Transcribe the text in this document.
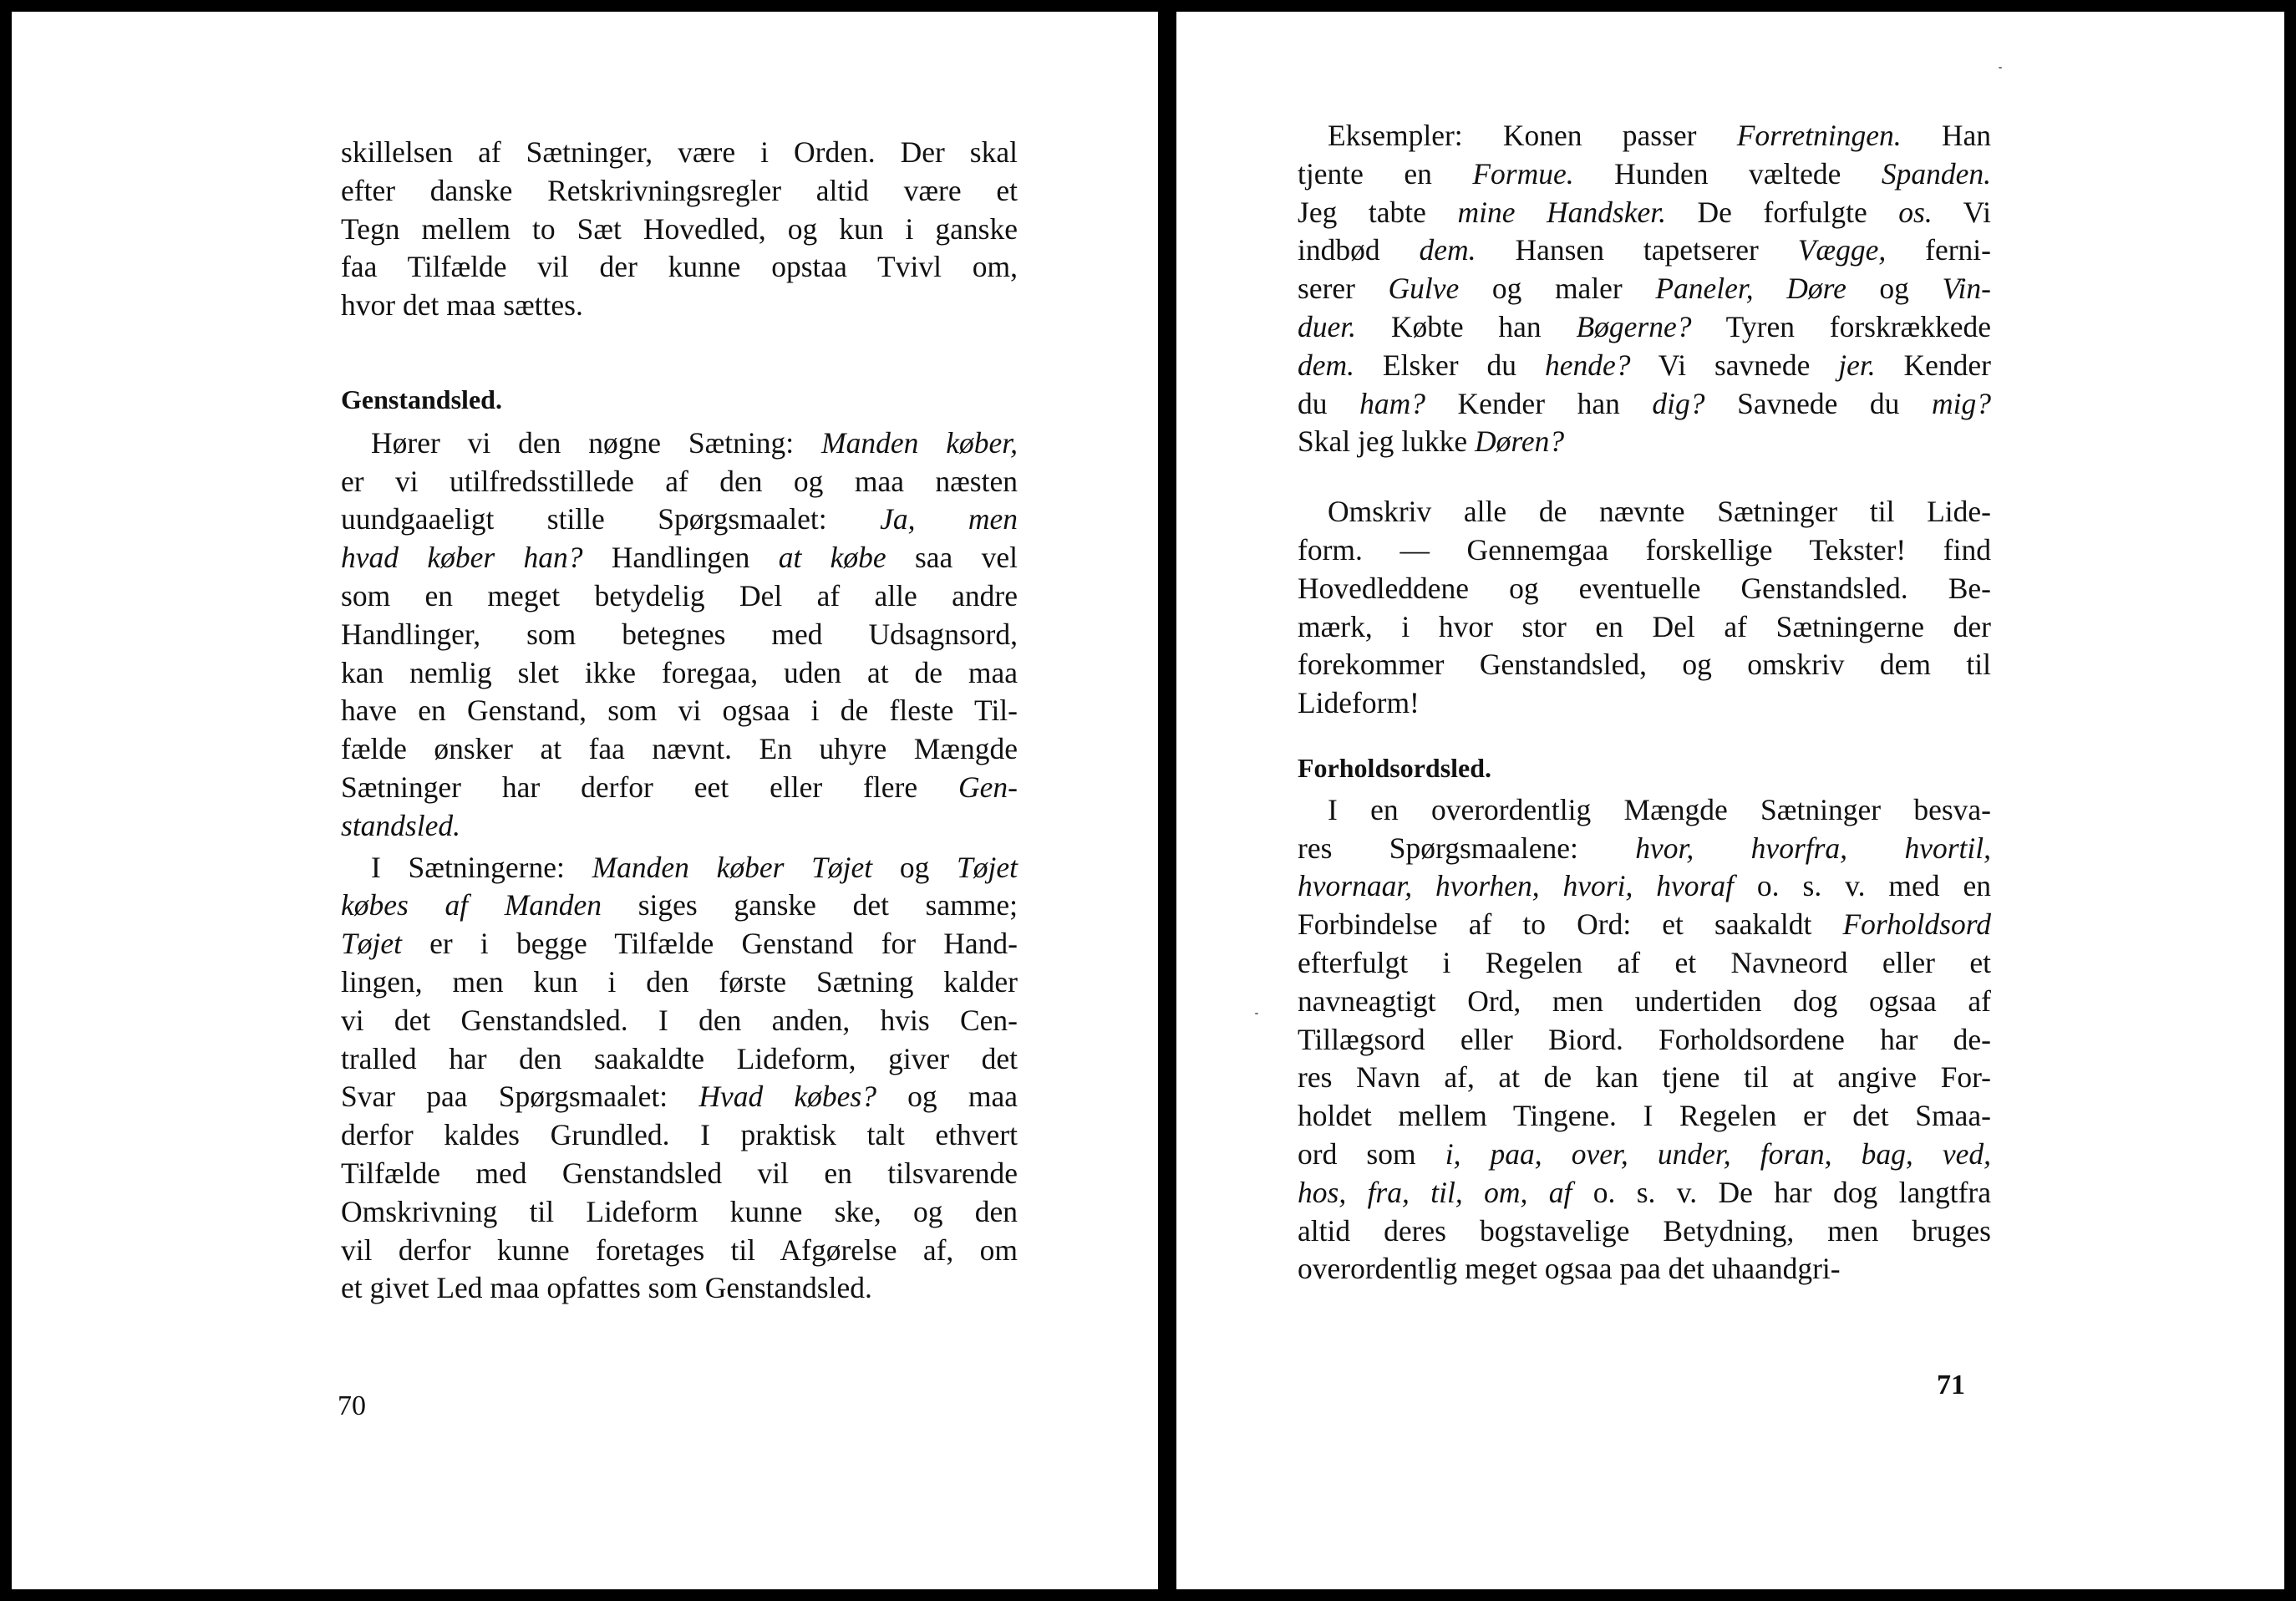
skillelsen af Sætninger, være i Orden. Der skal
efter danske Retskrivningsregler altid være et
Tegn mellem to Sæt Hovedled, og kun i ganske
faa Tilfælde vil der kunne opstaa Tvivl om,
hvor det maa sættes.
Genstandsled.
Hører vi den nøgne Sætning: Manden køber,
er vi utilfredsstillede af den og maa næsten
uundgaaeligt stille Spørgsmaalet: Ja, men
hvad køber han? Handlingen at købe saa vel
som en meget betydelig Del af alle andre
Handlinger, som betegnes med Udsagnsord,
kan nemlig slet ikke foregaa, uden at de maa
have en Genstand, som vi ogsaa i de fleste Til-
fælde ønsker at faa nævnt. En uhyre Mængde
Sætninger har derfor eet eller flere Gen-
standsled.
I Sætningerne: Manden køber Tøjet og Tøjet
købes af Manden siges ganske det samme;
Tøjet er i begge Tilfælde Genstand for Hand-
lingen, men kun i den første Sætning kalder
vi det Genstandsled. I den anden, hvis Cen-
tralled har den saakaldte Lideform, giver det
Svar paa Spørgsmaalet: Hvad købes? og maa
derfor kaldes Grundled. I praktisk talt ethvert
Tilfælde med Genstandsled vil en tilsvarende
Omskrivning til Lideform kunne ske, og den
vil derfor kunne foretages til Afgørelse af, om
et givet Led maa opfattes som Genstandsled.
70
Eksempler: Konen passer Forretningen. Han
tjente en Formue. Hunden væltede Spanden.
Jeg tabte mine Handsker. De forfulgte os. Vi
indbød dem. Hansen tapetserer Vægge, ferni-
serer Gulve og maler Paneler, Døre og Vin-
duer. Købte han Bøgerne? Tyren forskrækkede
dem. Elsker du hende? Vi savnede jer. Kender
du ham? Kender han dig? Savnede du mig?
Skal jeg lukke Døren?
Omskriv alle de nævnte Sætninger til Lide-
form. — Gennemgaa forskellige Tekster! find
Hovedleddene og eventuelle Genstandsled. Be-
mærk, i hvor stor en Del af Sætningerne der
forekommer Genstandsled, og omskriv dem til
Lideform!
Forholdsordsled.
I en overordentlig Mængde Sætninger besva-
res Spørgsmaalene: hvor, hvorfra, hvortil,
hvornaar, hvorhen, hvori, hvoraf o. s. v. med en
Forbindelse af to Ord: et saakaldt Forholdsord
efterfulgt i Regelen af et Navneord eller et
navneagtigt Ord, men undertiden dog ogsaa af
Tillægsord eller Biord. Forholdsordene har de-
res Navn af, at de kan tjene til at angive For-
holdet mellem Tingene. I Regelen er det Smaa-
ord som i, paa, over, under, foran, bag, ved,
hos, fra, til, om, af o. s. v. De har dog langtfra
altid deres bogstavelige Betydning, men bruges
overordentlig meget ogsaa paa det uhaandgri-
71
